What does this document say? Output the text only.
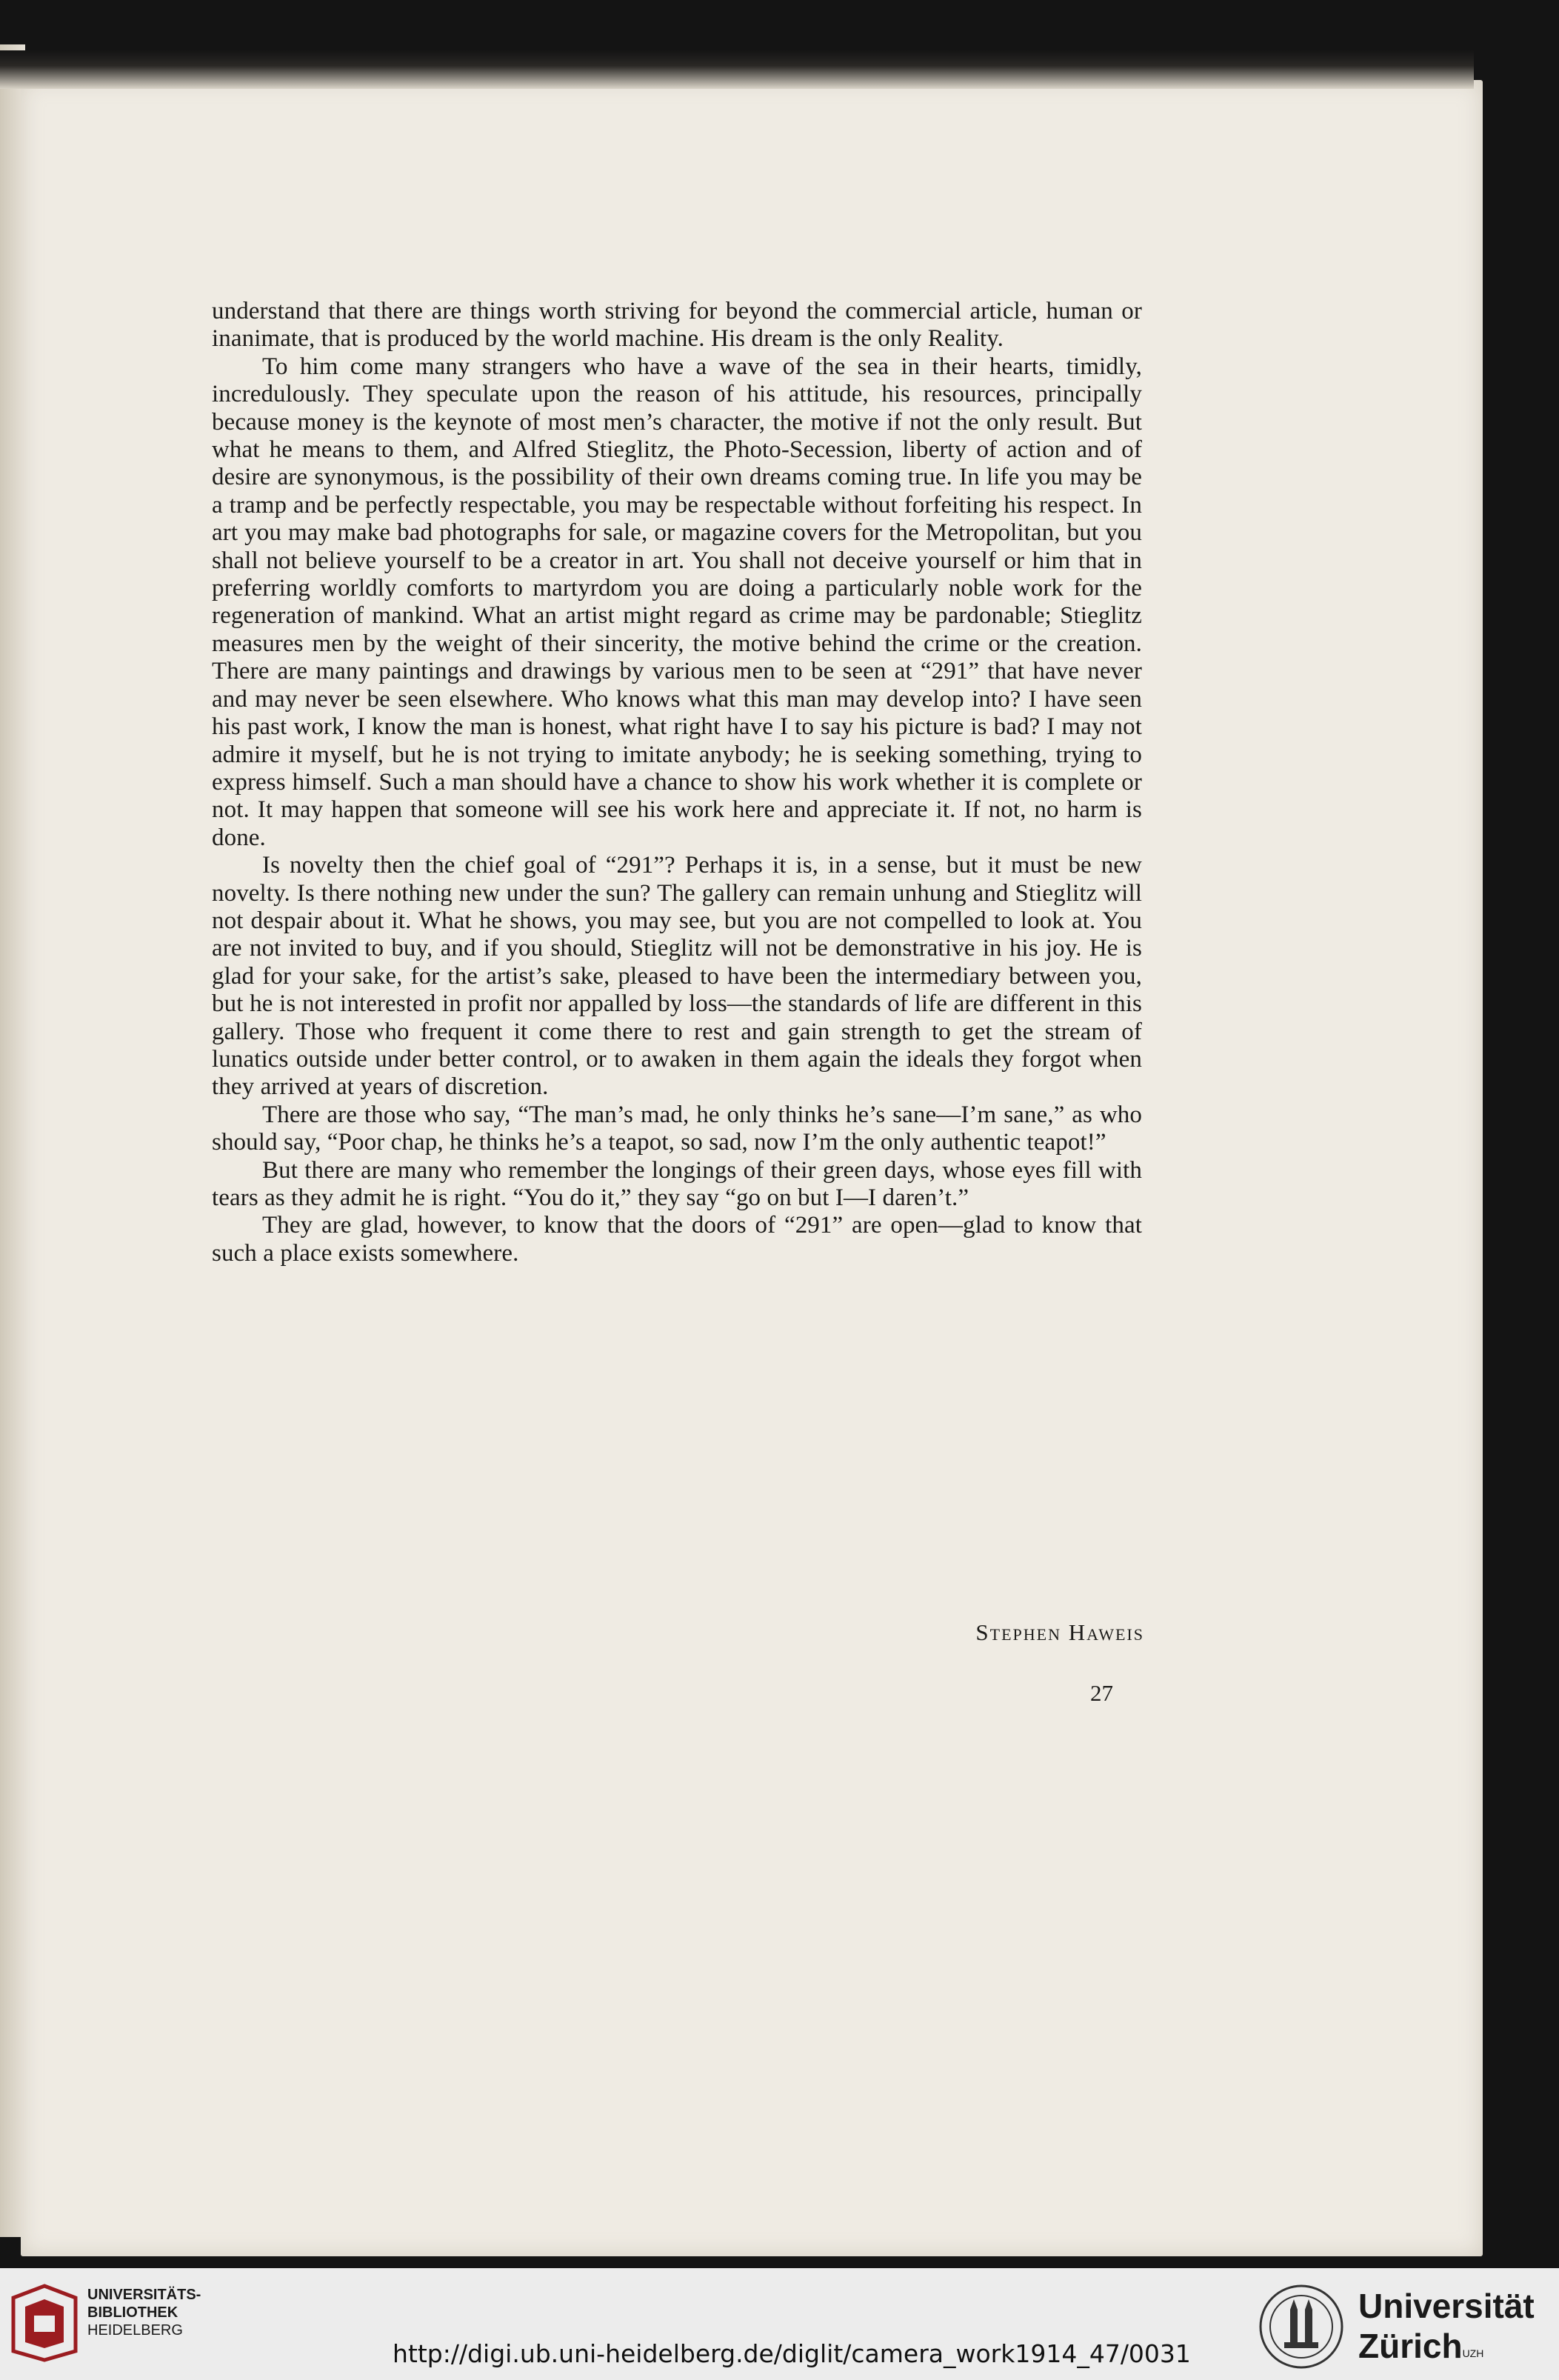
understand that there are things worth striving for beyond the commercial article, human or inanimate, that is produced by the world machine. His dream is the only Reality.

To him come many strangers who have a wave of the sea in their hearts, timidly, incredulously. They speculate upon the reason of his attitude, his resources, principally because money is the keynote of most men’s character, the motive if not the only result. But what he means to them, and Alfred Stieglitz, the Photo-Secession, liberty of action and of desire are synonymous, is the possibility of their own dreams coming true. In life you may be a tramp and be perfectly respectable, you may be respectable without forfeiting his respect. In art you may make bad photographs for sale, or magazine covers for the Metropolitan, but you shall not believe yourself to be a creator in art. You shall not deceive yourself or him that in preferring worldly comforts to martyrdom you are doing a particularly noble work for the regeneration of mankind. What an artist might regard as crime may be pardonable; Stieglitz measures men by the weight of their sincerity, the motive behind the crime or the creation. There are many paintings and drawings by various men to be seen at “291” that have never and may never be seen elsewhere. Who knows what this man may develop into? I have seen his past work, I know the man is honest, what right have I to say his picture is bad? I may not admire it myself, but he is not trying to imitate anybody; he is seeking something, trying to express himself. Such a man should have a chance to show his work whether it is complete or not. It may happen that someone will see his work here and appreciate it. If not, no harm is done.

Is novelty then the chief goal of “291”? Perhaps it is, in a sense, but it must be new novelty. Is there nothing new under the sun? The gallery can remain unhung and Stieglitz will not despair about it. What he shows, you may see, but you are not compelled to look at. You are not invited to buy, and if you should, Stieglitz will not be demonstrative in his joy. He is glad for your sake, for the artist’s sake, pleased to have been the intermediary between you, but he is not interested in profit nor appalled by loss—the standards of life are different in this gallery. Those who frequent it come there to rest and gain strength to get the stream of lunatics outside under better control, or to awaken in them again the ideals they forgot when they arrived at years of discretion.

There are those who say, “The man’s mad, he only thinks he’s sane—I’m sane,” as who should say, “Poor chap, he thinks he’s a teapot, so sad, now I’m the only authentic teapot!”

But there are many who remember the longings of their green days, whose eyes fill with tears as they admit he is right. “You do it,” they say “go on but I—I daren’t.”

They are glad, however, to know that the doors of “291” are open—glad to know that such a place exists somewhere.

Stephen Haweis
27
UNIVERSITÄTS-
BIBLIOTHEK
HEIDELBERG
http://digi.ub.uni-heidelberg.de/diglit/camera_work1914_47/0031
Universität
Zürich$^{UZH}$
